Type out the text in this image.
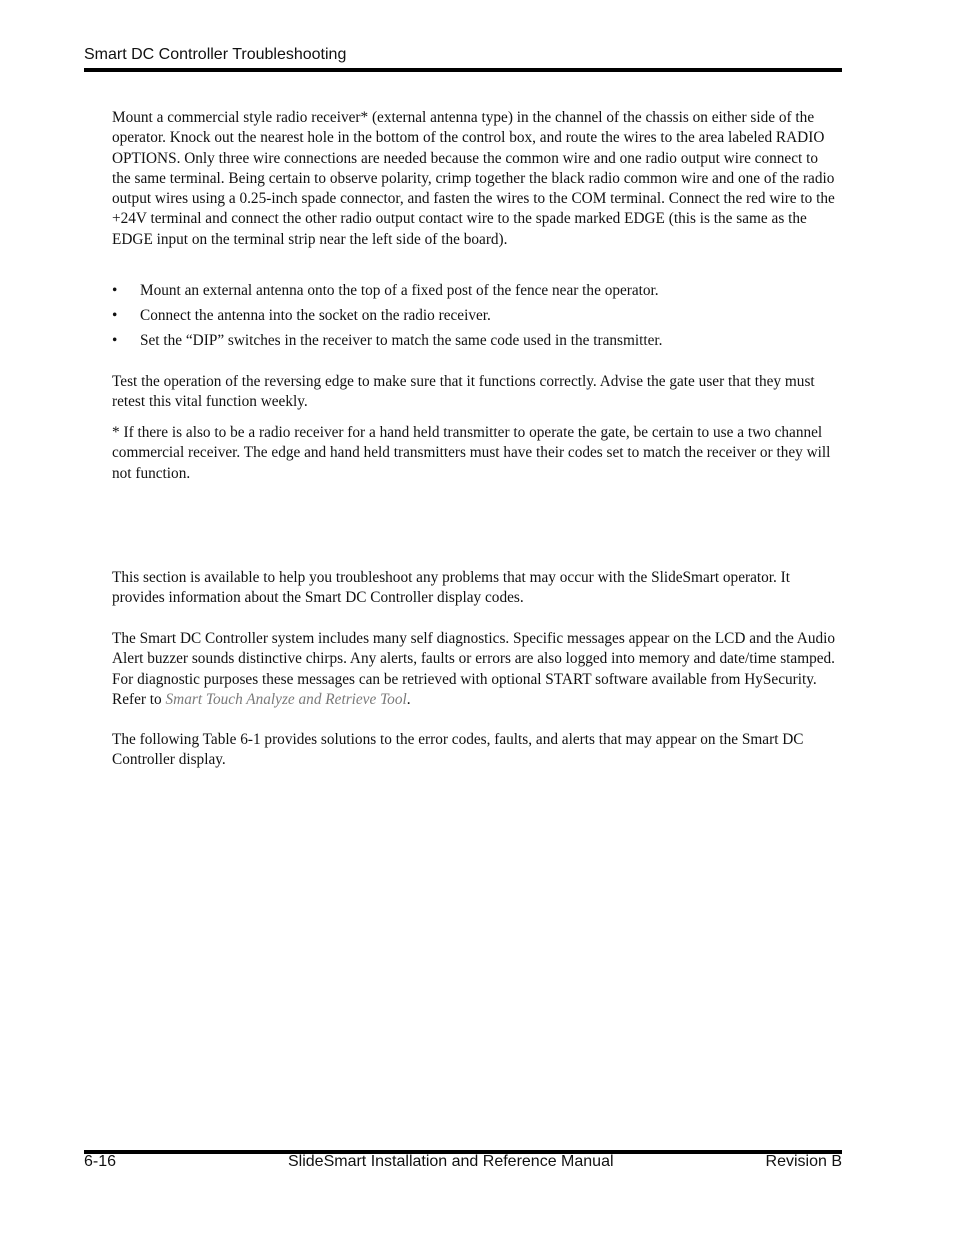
Smart DC Controller Troubleshooting

Mount a commercial style radio receiver* (external antenna type) in the channel of the chassis on either side of the operator. Knock out the nearest hole in the bottom of the control box, and route the wires to the area labeled RADIO OPTIONS. Only three wire connections are needed because the common wire and one radio output wire connect to the same terminal. Being certain to observe polarity, crimp together the black radio common wire and one of the radio output wires using a 0.25-inch spade connector, and fasten the wires to the COM terminal. Connect the red wire to the +24V terminal and connect the other radio output contact wire to the spade marked EDGE (this is the same as the EDGE input on the terminal strip near the left side of the board).

• Mount an external antenna onto the top of a fixed post of the fence near the operator.
• Connect the antenna into the socket on the radio receiver.
• Set the “DIP” switches in the receiver to match the same code used in the transmitter.

Test the operation of the reversing edge to make sure that it functions correctly. Advise the gate user that they must retest this vital function weekly.

* If there is also to be a radio receiver for a hand held transmitter to operate the gate, be certain to use a two channel commercial receiver. The edge and hand held transmitters must have their codes set to match the receiver or they will not function.

This section is available to help you troubleshoot any problems that may occur with the SlideSmart operator. It provides information about the Smart DC Controller display codes.

The Smart DC Controller system includes many self diagnostics. Specific messages appear on the LCD and the Audio Alert buzzer sounds distinctive chirps. Any alerts, faults or errors are also logged into memory and date/time stamped. For diagnostic purposes these messages can be retrieved with optional START software available from HySecurity. Refer to Smart Touch Analyze and Retrieve Tool.

The following Table 6-1 provides solutions to the error codes, faults, and alerts that may appear on the Smart DC Controller display.

6-16	SlideSmart Installation and Reference Manual	Revision B
